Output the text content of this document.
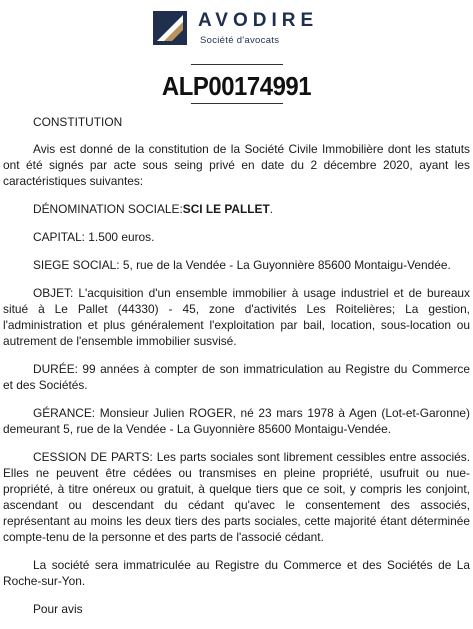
AVODIRE
Société d'avocats
ALP00174991

CONSTITUTION

Avis est donné de la constitution de la Société Civile Immobilière dont les statuts ont été signés par acte sous seing privé en date du 2 décembre 2020, ayant les caractéristiques suivantes:

DÉNOMINATION SOCIALE:SCI LE PALLET.

CAPITAL: 1.500 euros.

SIEGE SOCIAL: 5, rue de la Vendée - La Guyonnière 85600 Montaigu-Vendée.

OBJET: L'acquisition d'un ensemble immobilier à usage industriel et de bureaux situé à Le Pallet (44330) - 45, zone d'activités Les Roitelières; La gestion, l'administration et plus généralement l'exploitation par bail, location, sous-location ou autrement de l'ensemble immobilier susvisé.

DURÉE: 99 années à compter de son immatriculation au Registre du Commerce et des Sociétés.

GÉRANCE: Monsieur Julien ROGER, né 23 mars 1978 à Agen (Lot-et-Garonne) demeurant 5, rue de la Vendée - La Guyonnière 85600 Montaigu-Vendée.

CESSION DE PARTS: Les parts sociales sont librement cessibles entre associés. Elles ne peuvent être cédées ou transmises en pleine propriété, usufruit ou nue-propriété, à titre onéreux ou gratuit, à quelque tiers que ce soit, y compris les conjoint, ascendant ou descendant du cédant qu'avec le consentement des associés, représentant au moins les deux tiers des parts sociales, cette majorité étant déterminée compte-tenu de la personne et des parts de l'associé cédant.

La société sera immatriculée au Registre du Commerce et des Sociétés de La Roche-sur-Yon.

Pour avis
